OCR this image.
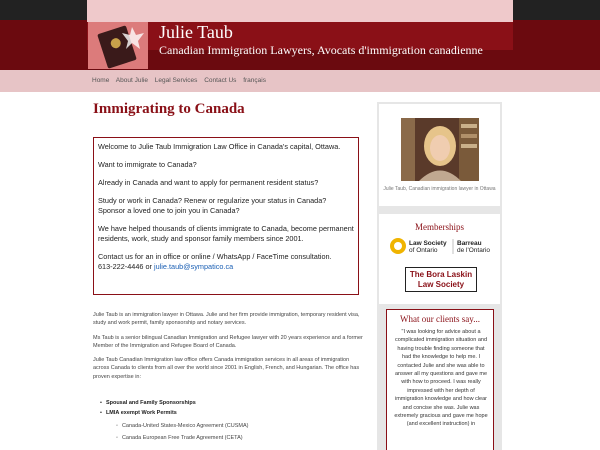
Julie Taub
Canadian Immigration Lawyers, Avocats d'immigration canadienne
Home About Julie Legal Services Contact Us français
Immigrating to Canada

Welcome to Julie Taub Immigration Law Office in Canada's capital, Ottawa.

Want to immigrate to Canada?

Already in Canada and want to apply for permanent resident status?

Study or work in Canada? Renew or regularize your status in Canada? Sponsor a loved one to join you in Canada?

We have helped thousands of clients immigrate to Canada, become permanent residents, work, study and sponsor family members since 2001.

Contact us for an in office or online / WhatsApp / FaceTime consultation.
613-222-4446 or julie.taub@sympatico.ca

Julie Taub is an immigration lawyer in Ottawa. Julie and her firm provide immigration, temporary resident visa, study and work permit, family sponsorship and notary services.

Ms Taub is a senior bilingual Canadian Immigration and Refugee lawyer with 20 years experience and a former Member of the Immigration and Refugee Board of Canada.

Julie Taub Canadian Immigration law office offers Canada immigration services in all areas of immigration across Canada to clients from all over the world since 2001 in English, French, and Hungarian. The office has proven expertise in:

• Spousal and Family Sponsorships
• LMIA exempt Work Permits
◦ Canada-United States-Mexico Agreement (CUSMA)
◦ Canada European Free Trade Agreement (CETA)
Julie Taub, Canadian immigration lawyer in Ottawa
Memberships
Law Society
of Ontario
Barreau
de l'Ontario
The Bora Laskin
Law Society
What our clients say...
"I was looking for advice about a complicated immigration situation and having trouble finding someone that had the knowledge to help me. I contacted Julie and she was able to answer all my questions and gave me with how to proceed. I was really impressed with her depth of immigration knowledge and how clear and concise she was. Julie was extremely gracious and gave me hope (and excellent instruction) in
